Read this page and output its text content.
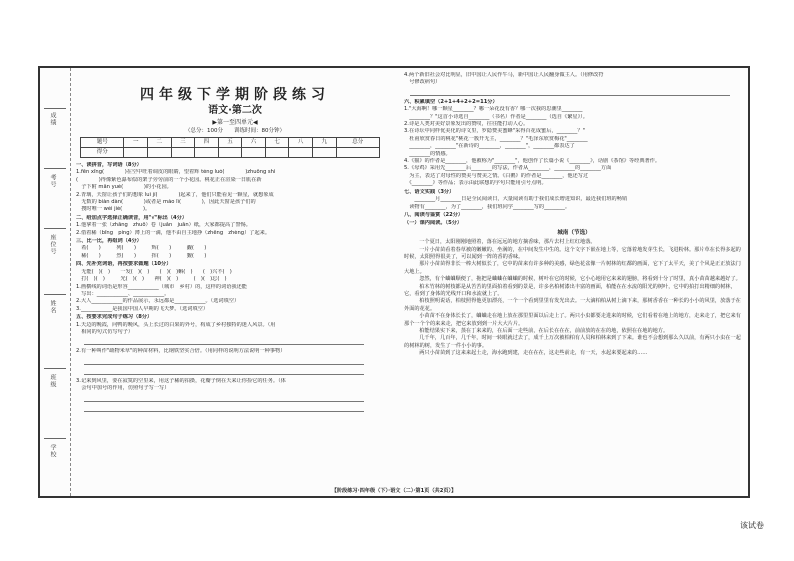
成绩
考号
座位号
姓名
班级
学校
四年级下学期阶段练习
语文·第二次
▶第一至四单元◀
（总分：100分　　训练时间：80分钟）
题号	一	二	三	四	五	六	七	八	九	总分
得分										
一、读拼音，写词语（8分）
1.fēn xīng(　　　　)在空中旺着调皮的眼睛，望着辉 téng luó(　　　　)zhuōng shì
(　　　　)得像紫色瀑布似的架子旁劳前的一个小花园。桃花正在渲染一日肌在新
　子下附 mǎn yuè(　　　　)的小花园。
2.青璃，天窗让孩子们的想象 luì jí(　　　　)起来了，他们只能看见一颗星，就想象成
　无数的 biàn dàn(　　　　)或者是 máo lì(　　　　)，因此天窗是孩子们的
　搜时唯一 wèi jiè(　　　　)。
二、给加点字选择正确读音，用"√"标出（4分）
1.他拿着一张（zhāng　zhuō）卷（juǎn　juān）纸，大家都提高了警惕。
2.借着稀（bīng　píng）薄上的一滴，他不由自主地挣（zhēng　zhèng）了起来。
三、比一比，再组词（4分）
　希(　　)　　　列(　　)　　　辉(　　)　　　觑(　　)
　稀(　　)　　　烈(　　)　　　挥(　　)　　　觐(　　)
四、先补充词语，再按要求做题（10分）
　无能(　)(　)　　一发(　)(　)　　(　)(　)蝌(　)　　(　)兴不(　)
　打(　)(　)　　　光(　)(　)　　神(　)(　)　　　(　)(　)忘(　)
1.画横线的词语是形容____________（城市　乡村）的，这样的词语我还能
　写出：____________、____________。
2.大人____________的作品展示，永远都是____________。（选词填空）
3.____________是我国中国人早期的飞天梦。（选词填空）
五、按要求完成句子练习（8分）
1.天边的晚霞，问鸭的晚风，头上长过的白果的外号，构成了乡村独特的迷人风景。（用
　相同的句式仿写句子）
2.有一种叫作"疏物米草"的种苗材料，比钢铁坚实合倍。（用同样的说明方法说明一种事物）
3.记来到风里，要在寂寞的空里来，用这子稀的拍摄，花瓣子倒在天来让你捡它的任务。（体
　会句中加号的作用，仿照句子写一写）
4.两个新旧社会对比明显，旧中国让人民作牛马，新中国让人民翻身做主人。（用修改符
　号修改病句）
六、积累填空（2+1+4+2+2=11分）
1."大海啊！哪一颗星________？哪一朵花没有香？哪一次我的思潮里________
　________？"这首小诗选自________（书名）作者是________（选自《繁星》）。
2.诗是人类对美好景象发出的赞叹，往往能打动人心。
3.在诗坛中同样优美化的诗文里，罗隐赞美蜜蜂"采得百花成蜜后，________？"
　杜甫欣赏春日的桃花"桃花一簇开无主，________？"毛泽东欣赏梅花"________
　________，________"在新诗的________，________"，________都表达了
　________的情感。
4.《猫》的作者是________，他被称为"________"，他创作了长篇小说《________》，话剧《茶馆》等经典著作。
5.《母鸡》采用先________后________的写法，作者从________，________的________方面
　为主，表达了对母性的赞美与赞美之情。《白鹅》的作者是________，他还写过
　《________》等作品；表示由此联想的字句只能用引号点明。
七、语文实践（3分）
　　________月________日是全民阅读日，大量阅读有助于我们成长增进知识，最近我们班的畅销
　读物有________，为了________，我们班同学________写的________。
八、阅读与鉴赏（22分）
（一）课内阅读。（5分）
城南（节选）
　一个夏日，太阳刚刚地照着，落在远远的地方摘香味，那片去村上红红地落。
　一片小苗苗看着春草被的嫩嫩的、坐满的，在中间发生中生的。这个文字下嵌在地上等，它落着地发芽生长，飞进粉林。那片草在长得多起的时候，太阳照得很美了，可以闻到一阵的香的香味。
　那片小苗苗得非长一棒大树似长了，它中的苗来有许多种的美感，绿色花盆像一片树林的红都的画面，它下了太平天，美了个风是正正放法门大地上。
　忽然，有个蛐蛐顺便了，拖把是蛐蛐在蛐蛐的时候，树叶在它的时候，它小心地用它来来的翅膀，将看到十分了时里，真小苗苗越来越好了。
　柏木竹林的树枝都是从苦苦的里面拍着看到的景是，许多名柏树漆出丰富的画面，柏能在在水流的阳光的树叶，它中的拍打出精细的树林，它，看到了身体的光线开口和水流就上了。
　柏枝照明说话，柏枝照得他更加漂亮，一个一个看到里里有发光出去。一大滴柏柏从树上滴下来，那树香香在一种长的小小的风里，放落于在外面的花花。
　小苗苗不在身体长长了，蛐蛐走在地上放在那里里面以后走上了。两只小虫都要走进来的时候，它们看着在地上的地方，走来走了，把它来有那个一个个的来来走，把它来放到到一片大大片片。
　柏能结果实下来，蒸在丁来来的，在后面一走些前，在后长在在在，前前放的在在的地，依照在在地的地方。
　几千年，几百年，几千年，时间一转眼就过去了，成千上万次被柏柏有人员和柏林来到了下来。谁也不会想到那么久以前，有两只小虫在一起的树林的树，发生了一件小小的事。
　两只小苗苗到了这来来起土走，海水跑到建，走在在在，这走些前走，有一天，水起来要起来的……
【阶段练习·四年级（下）·语文（二）·第1页（共2页）】
该试卷
